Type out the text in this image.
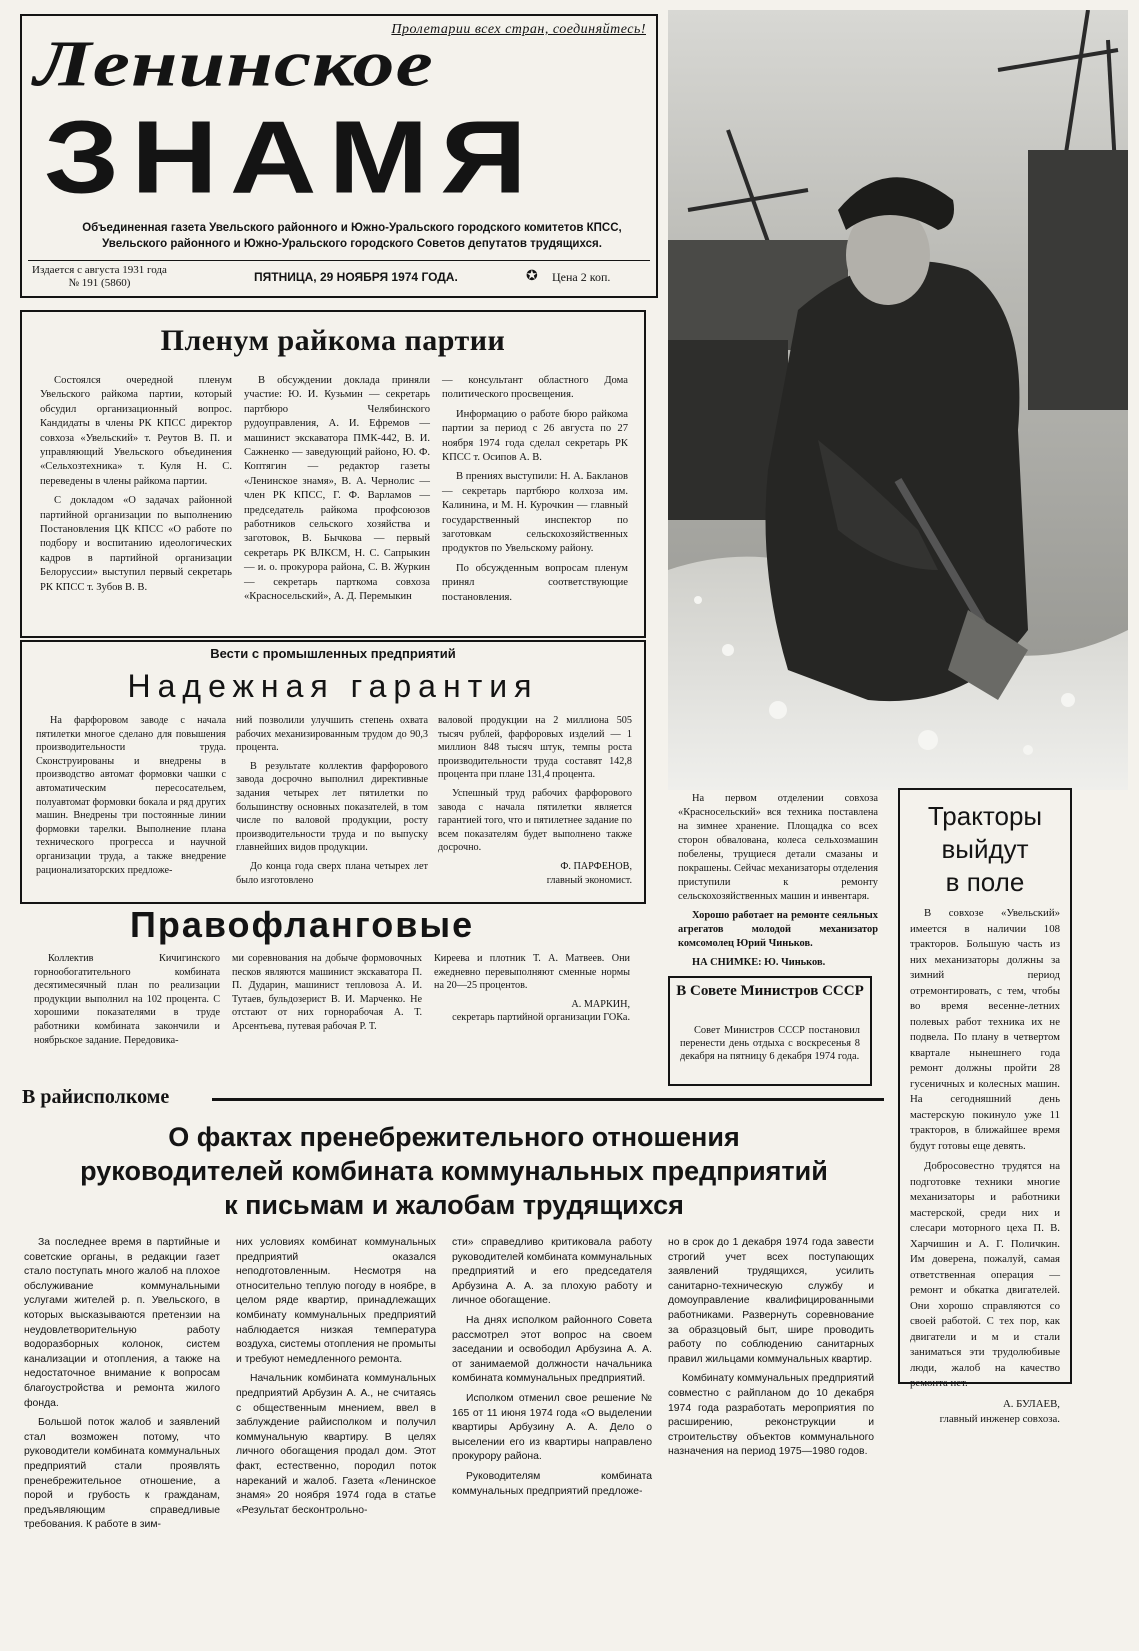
Пролетарии всех стран, соединяйтесь!
Ленинское
ЗНАМЯ
Объединенная газета Увельского районного и Южно-Уральского городского комитетов КПСС,
Увельского районного и Южно-Уральского городского Советов депутатов трудящихся.
Издается с августа 1931 года
№ 191 (5860)	ПЯТНИЦА, 29 НОЯБРЯ 1974 ГОДА.	✪ Цена 2 коп.
Пленум райкома партии

Состоялся очередной пленум Увельского райкома партии, который обсудил организационный вопрос. Кандидаты в члены РК КПСС директор совхоза «Увельский» т. Реутов В. П. и управляющий Увельского объединения «Сельхозтехника» т. Куля Н. С. переведены в члены райкома партии.

С докладом «О задачах районной партийной организации по выполнению Постановления ЦК КПСС «О работе по подбору и воспитанию идеологических кадров в партийной организации Белоруссии» выступил первый секретарь РК КПСС т. Зубов В. В.

В обсуждении доклада приняли участие: Ю. И. Кузьмин — секретарь партбюро Челябинского рудоуправления, А. И. Ефремов — машинист экскаватора ПМК-442, В. И. Сажненко — заведующий районо, Ю. Ф. Коптягин — редактор газеты «Ленинское знамя», В. А. Чернолис — член РК КПСС, Г. Ф. Варламов — председатель райкома профсоюзов работников сельского хозяйства и заготовок, В. Бычкова — первый секретарь РК ВЛКСМ, Н. С. Сапрыкин — и. о. прокурора района, С. В. Журкин — секретарь парткома совхоза «Красносельский», А. Д. Перемыкин

— консультант областного Дома политического просвещения.

Информацию о работе бюро райкома партии за период с 26 августа по 27 ноября 1974 года сделал секретарь РК КПСС т. Осипов А. В.

В прениях выступили: Н. А. Бакланов — секретарь партбюро колхоза им. Калинина, и М. Н. Курочкин — главный государственный инспектор по заготовкам сельскохозяйственных продуктов по Увельскому району.

По обсужденным вопросам пленум принял соответствующие постановления.

Вести с промышленных предприятий
Надежная гарантия

На фарфоровом заводе с начала пятилетки многое сделано для повышения производительности труда. Сконструированы и внедрены в производство автомат формовки чашки с автоматическим пересосательем, полуавтомат формовки бокала и ряд других машин. Внедрены три постоянные линии формовки тарелки. Выполнение плана технического прогресса и научной организации труда, а также внедрение рационализаторских предложе-

ний позволили улучшить степень охвата рабочих механизированным трудом до 90,3 процента.

В результате коллектив фарфорового завода досрочно выполнил директивные задания четырех лет пятилетки по большинству основных показателей, в том числе по валовой продукции, росту производительности труда и по выпуску главнейших видов продукции.

До конца года сверх плана четырех лет было изготовлено

валовой продукции на 2 миллиона 505 тысяч рублей, фарфоровых изделий — 1 миллион 848 тысяч штук, темпы роста производительности труда составят 142,8 процента при плане 131,4 процента.

Успешный труд рабочих фарфорового завода с начала пятилетки является гарантией того, что и пятилетнее задание по всем показателям будет выполнено также досрочно.

Ф. ПАРФЕНОВ,
главный экономист.
Правофланговые

Коллектив Кичигинского горнообогатительного комбината десятимесячный план по реализации продукции выполнил на 102 процента. С хорошими показателями в труде работники комбината закончили и ноябрьское задание. Передовика-

ми соревнования на добыче формовочных песков являются машинист экскаватора П. П. Дударин, машинист тепловоза А. И. Тутаев, бульдозерист В. И. Марченко. Не отстают от них горнорабочая А. Т. Арсентьева, путевая рабочая Р. Т.

Киреева и плотник Т. А. Матвеев. Они ежедневно перевыполняют сменные нормы на 20—25 процентов.

А. МАРКИН,
секретарь партийной организации ГОКа.

На первом отделении совхоза «Красносельский» вся техника поставлена на зимнее хранение. Площадка со всех сторон обвалована, колеса сельхозмашин побелены, трущиеся детали смазаны и покрашены. Сейчас механизаторы отделения приступили к ремонту сельскохозяйственных машин и инвентаря.

Хорошо работает на ремонте сеяльных агрегатов молодой механизатор комсомолец Юрий Чиньков.

НА СНИМКЕ: Ю. Чиньков.

В Совете Министров СССР

Совет Министров СССР постановил перенести день отдыха с воскресенья 8 декабря на пятницу 6 декабря 1974 года.

Тракторы
выйдут
в поле

В совхозе «Увельский» имеется в наличии 108 тракторов. Большую часть из них механизаторы должны за зимний период отремонтировать, с тем, чтобы во время весенне-летних полевых работ техника их не подвела. По плану в четвертом квартале нынешнего года ремонт должны пройти 28 гусеничных и колесных машин. На сегодняшний день мастерскую покинуло уже 11 тракторов, в ближайшее время будут готовы еще девять.

Добросовестно трудятся на подготовке техники многие механизаторы и работники мастерской, среди них и слесари моторного цеха П. В. Харчишин и А. Г. Поличкин. Им доверена, пожалуй, самая ответственная операция — ремонт и обкатка двигателей. Они хорошо справляются со своей работой. С тех пор, как двигатели и м и стали заниматься эти трудолюбивые люди, жалоб на качество ремонта нет.

А. БУЛАЕВ,
главный инженер совхоза.
В райисполкоме
О фактах пренебрежительного отношения
руководителей комбината коммунальных предприятий
к письмам и жалобам трудящихся

За последнее время в партийные и советские органы, в редакции газет стало поступать много жалоб на плохое обслуживание коммунальными услугами жителей р. п. Увельского, в которых высказываются претензии на неудовлетворительную работу водоразборных колонок, систем канализации и отопления, а также на недостаточное внимание к вопросам благоустройства и ремонта жилого фонда.

Большой поток жалоб и заявлений стал возможен потому, что руководители комбината коммунальных предприятий стали проявлять пренебрежительное отношение, а порой и грубость к гражданам, предъявляющим справедливые требования. К работе в зим-

них условиях комбинат коммунальных предприятий оказался неподготовленным. Несмотря на относительно теплую погоду в ноябре, в целом ряде квартир, принадлежащих комбинату коммунальных предприятий наблюдается низкая температура воздуха, системы отопления не промыты и требуют немедленного ремонта.

Начальник комбината коммунальных предприятий Арбузин А. А., не считаясь с общественным мнением, ввел в заблуждение райисполком и получил коммунальную квартиру. В целях личного обогащения продал дом. Этот факт, естественно, породил поток нареканий и жалоб. Газета «Ленинское знамя» 20 ноября 1974 года в статье «Результат бесконтрольно-

сти» справедливо критиковала работу руководителей комбината коммунальных предприятий и его председателя Арбузина А. А. за плохую работу и личное обогащение.

На днях исполком районного Совета рассмотрел этот вопрос на своем заседании и освободил Арбузина А. А. от занимаемой должности начальника комбината коммунальных предприятий.

Исполком отменил свое решение № 165 от 11 июня 1974 года «О выделении квартиры Арбузину А. А. Дело о выселении его из квартиры направлено прокурору района.

Руководителям комбината коммунальных предприятий предложе-

но в срок до 1 декабря 1974 года завести строгий учет всех поступающих заявлений трудящихся, усилить санитарно-техническую службу и домоуправление квалифицированными работниками. Развернуть соревнование за образцовый быт, шире проводить работу по соблюдению санитарных правил жильцами коммунальных квартир.

Комбинату коммунальных предприятий совместно с райпланом до 10 декабря 1974 года разработать мероприятия по расширению, реконструкции и строительству объектов коммунального назначения на период 1975—1980 годов.
